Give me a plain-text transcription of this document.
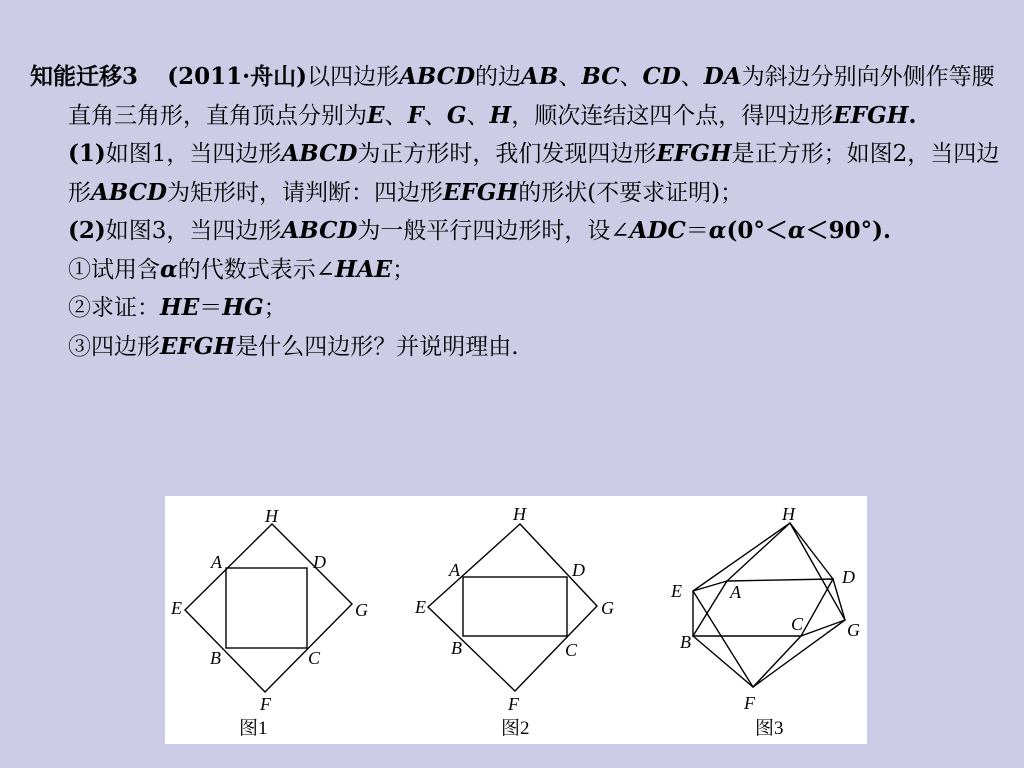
知能迁移3 (2011·舟山)以四边形ABCD的边AB、BC、CD、DA为斜边分别向外侧作等腰直角三角形，直角顶点分别为E、F、G、H，顺次连结这四个点，得四边形EFGH.

(1)如图1，当四边形ABCD为正方形时，我们发现四边形EFGH是正方形；如图2，当四边形ABCD为矩形时，请判断：四边形EFGH的形状(不要求证明)；

(2)如图3，当四边形ABCD为一般平行四边形时，设∠ADC＝α(0°＜α＜90°).

①试用含α的代数式表示∠HAE；

②求证：HE＝HG；

③四边形EFGH是什么四边形？并说明理由.

H
A	D
E	G
B	C
F
图1
H
A	D
E	G
B	C
F
图2
H
A
D
E
G
C
B
F
图3
